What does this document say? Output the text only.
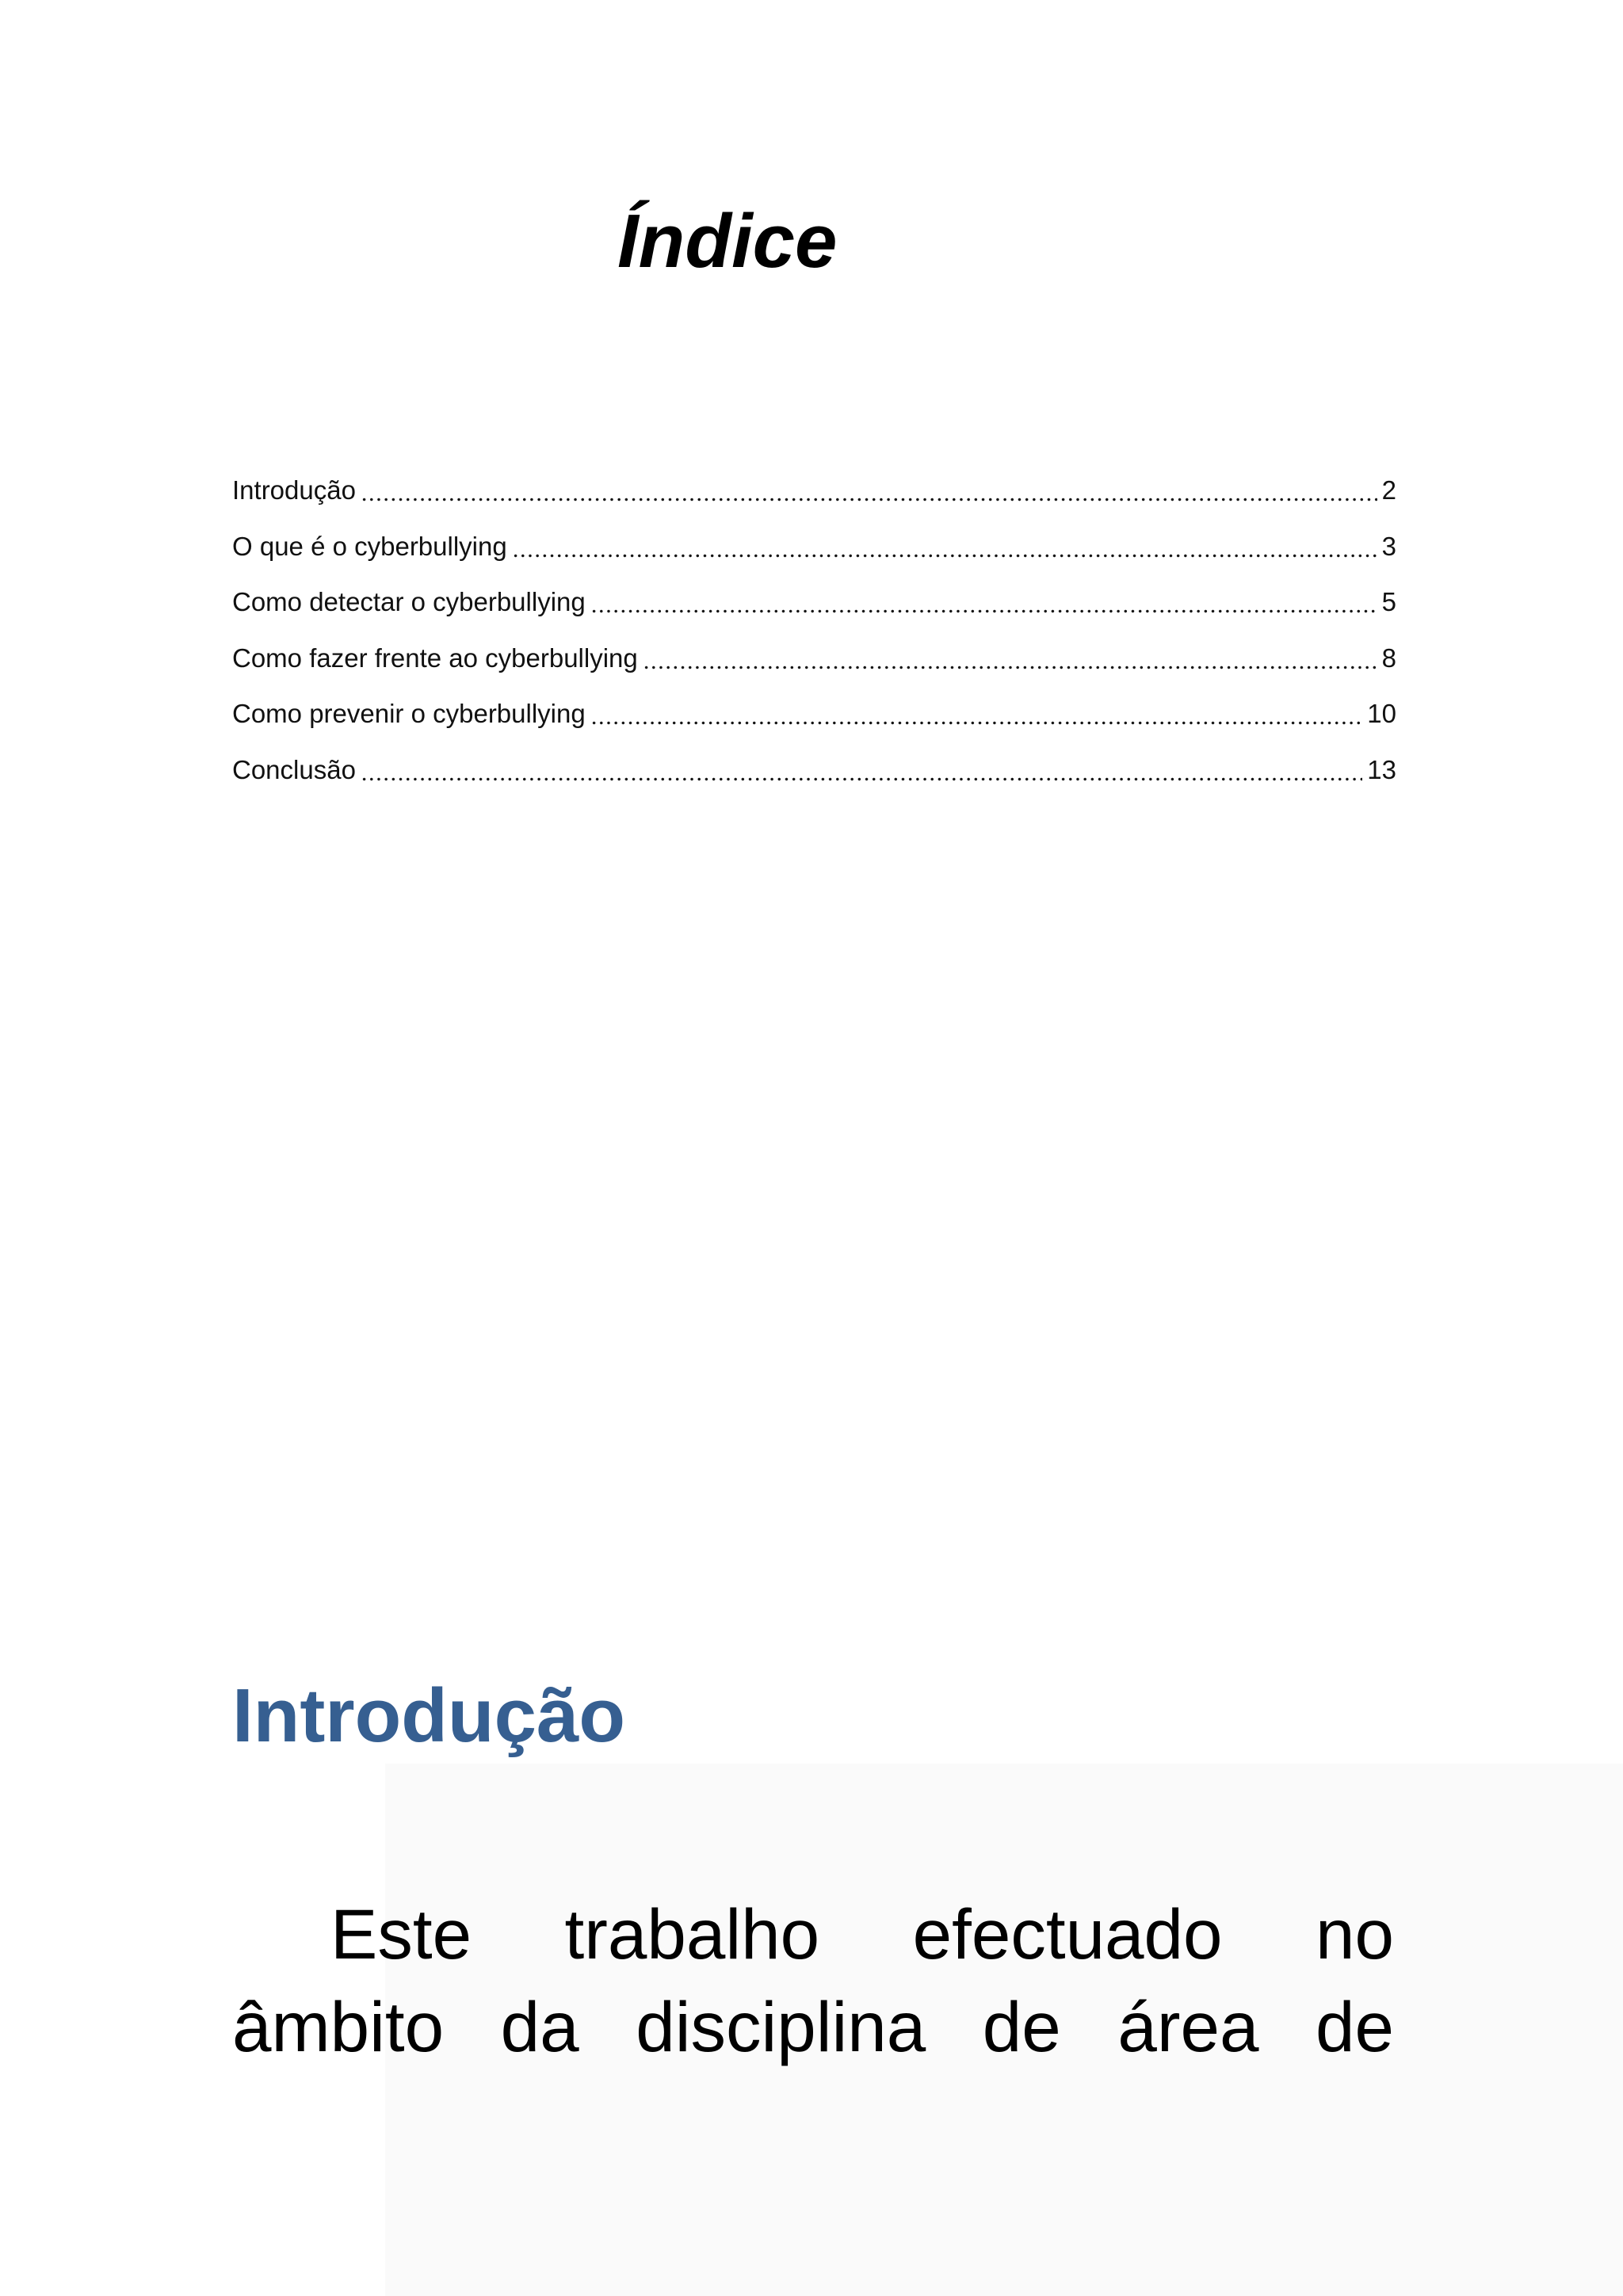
Índice
Introdução	2
O que é o cyberbullying	3
Como detectar o cyberbullying	5
Como fazer frente ao cyberbullying	8
Como prevenir o cyberbullying	10
Conclusão	13
Introdução
Este trabalho efectuado no
âmbito da disciplina de área de
